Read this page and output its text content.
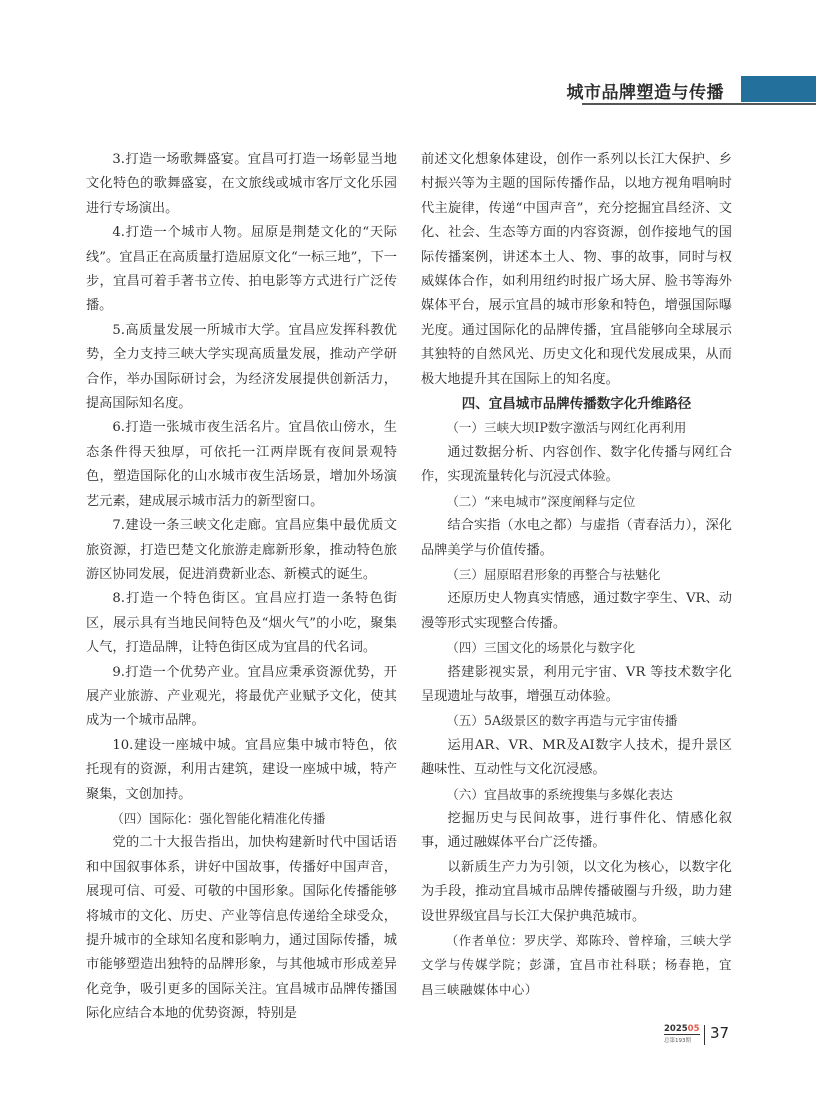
城市品牌塑造与传播

3.打造一场歌舞盛宴。宜昌可打造一场彰显当地文化特色的歌舞盛宴，在文旅线或城市客厅文化乐园进行专场演出。

4.打造一个城市人物。屈原是荆楚文化的“天际线”。宜昌正在高质量打造屈原文化“一标三地”，下一步，宜昌可着手著书立传、拍电影等方式进行广泛传播。

5.高质量发展一所城市大学。宜昌应发挥科教优势，全力支持三峡大学实现高质量发展，推动产学研合作，举办国际研讨会，为经济发展提供创新活力，提高国际知名度。

6.打造一张城市夜生活名片。宜昌依山傍水，生态条件得天独厚，可依托一江两岸既有夜间景观特色，塑造国际化的山水城市夜生活场景，增加外场演艺元素，建成展示城市活力的新型窗口。

7.建设一条三峡文化走廊。宜昌应集中最优质文旅资源，打造巴楚文化旅游走廊新形象，推动特色旅游区协同发展，促进消费新业态、新模式的诞生。

8.打造一个特色街区。宜昌应打造一条特色街区，展示具有当地民间特色及“烟火气”的小吃，聚集人气，打造品牌，让特色街区成为宜昌的代名词。

9.打造一个优势产业。宜昌应秉承资源优势，开展产业旅游、产业观光，将最优产业赋予文化，使其成为一个城市品牌。

10.建设一座城中城。宜昌应集中城市特色，依托现有的资源，利用古建筑，建设一座城中城，特产聚集，文创加持。

（四）国际化：强化智能化精准化传播

党的二十大报告指出，加快构建新时代中国话语和中国叙事体系，讲好中国故事，传播好中国声音，展现可信、可爱、可敬的中国形象。国际化传播能够将城市的文化、历史、产业等信息传递给全球受众，提升城市的全球知名度和影响力，通过国际传播，城市能够塑造出独特的品牌形象，与其他城市形成差异化竞争，吸引更多的国际关注。宜昌城市品牌传播国际化应结合本地的优势资源，特别是

前述文化想象体建设，创作一系列以长江大保护、乡村振兴等为主题的国际传播作品，以地方视角唱响时代主旋律，传递“中国声音”，充分挖掘宜昌经济、文化、社会、生态等方面的内容资源，创作接地气的国际传播案例，讲述本土人、物、事的故事，同时与权威媒体合作，如利用纽约时报广场大屏、脸书等海外媒体平台，展示宜昌的城市形象和特色，增强国际曝光度。通过国际化的品牌传播，宜昌能够向全球展示其独特的自然风光、历史文化和现代发展成果，从而极大地提升其在国际上的知名度。

四、宜昌城市品牌传播数字化升维路径

（一）三峡大坝IP数字激活与网红化再利用

通过数据分析、内容创作、数字化传播与网红合作，实现流量转化与沉浸式体验。

（二）“来电城市”深度阐释与定位

结合实指（水电之都）与虚指（青春活力），深化品牌美学与价值传播。

（三）屈原昭君形象的再整合与祛魅化

还原历史人物真实情感，通过数字孪生、VR、动漫等形式实现整合传播。

（四）三国文化的场景化与数字化

搭建影视实景，利用元宇宙、VR 等技术数字化呈现遗址与故事，增强互动体验。

（五）5A级景区的数字再造与元宇宙传播

运用AR、VR、MR及AI数字人技术，提升景区趣味性、互动性与文化沉浸感。

（六）宜昌故事的系统搜集与多媒化表达

挖掘历史与民间故事，进行事件化、情感化叙事，通过融媒体平台广泛传播。

以新质生产力为引领，以文化为核心，以数字化为手段，推动宜昌城市品牌传播破圈与升级，助力建设世界级宜昌与长江大保护典范城市。

（作者单位：罗庆学、郑陈玲、曾梓瑜，三峡大学文学与传媒学院；彭潇，宜昌市社科联；杨春艳，宜昌三峡融媒体中心）

202505
总第193期 37
